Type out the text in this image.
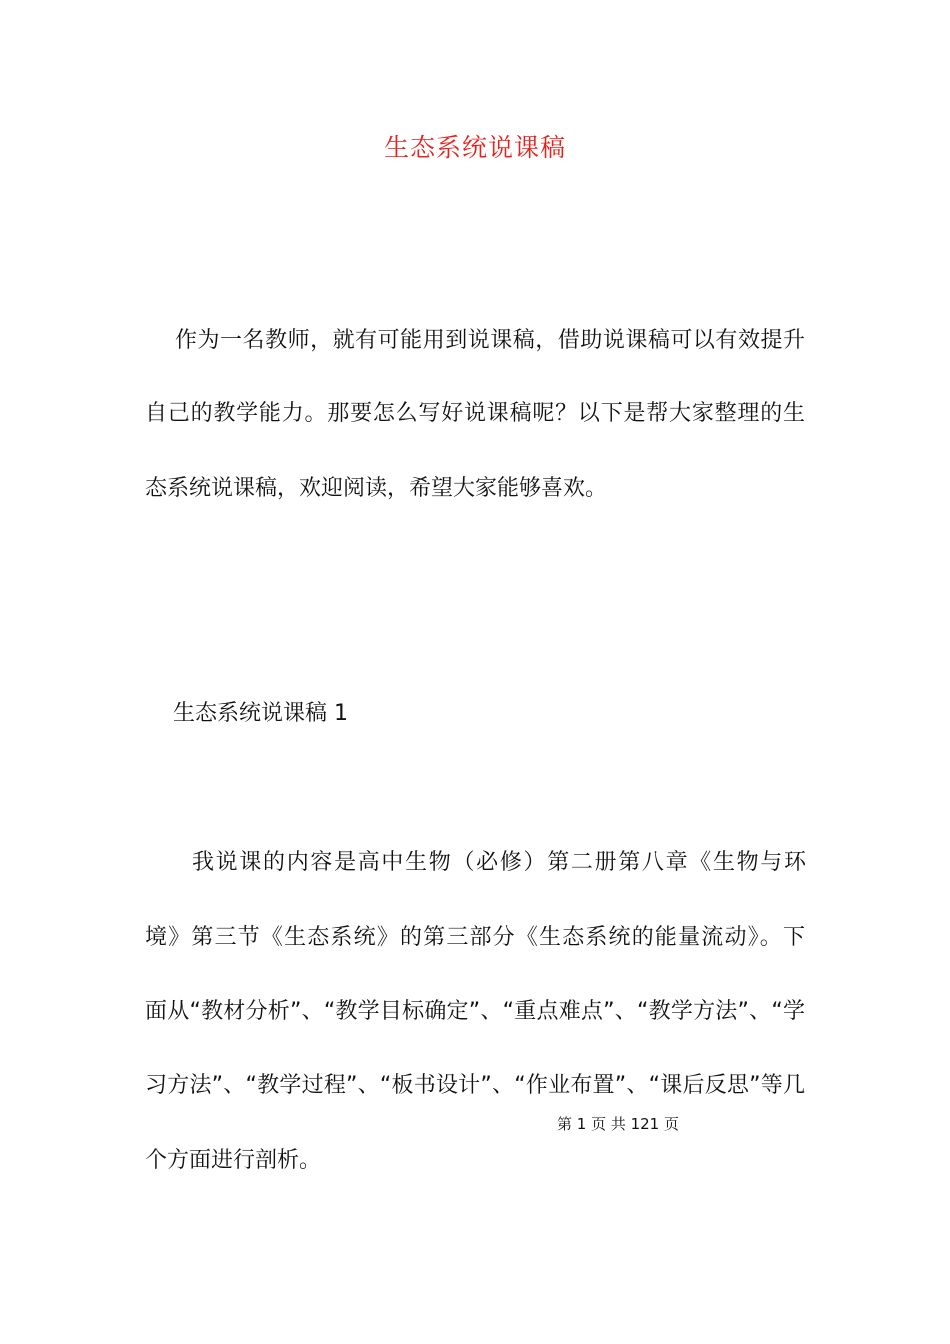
生态系统说课稿
作为一名教师，就有可能用到说课稿，借助说课稿可以有效提升
自己的教学能力。那要怎么写好说课稿呢？以下是帮大家整理的生
态系统说课稿，欢迎阅读，希望大家能够喜欢。
生态系统说课稿 1
我说课的内容是高中生物（必修）第二册第八章《生物与环
境》第三节《生态系统》的第三部分《生态系统的能量流动》。下
面从“教材分析”、“教学目标确定”、“重点难点”、“教学方法”、“学
习方法”、“教学过程”、“板书设计”、“作业布置”、“课后反思”等几
个方面进行剖析。
第 1 页 共 121 页
